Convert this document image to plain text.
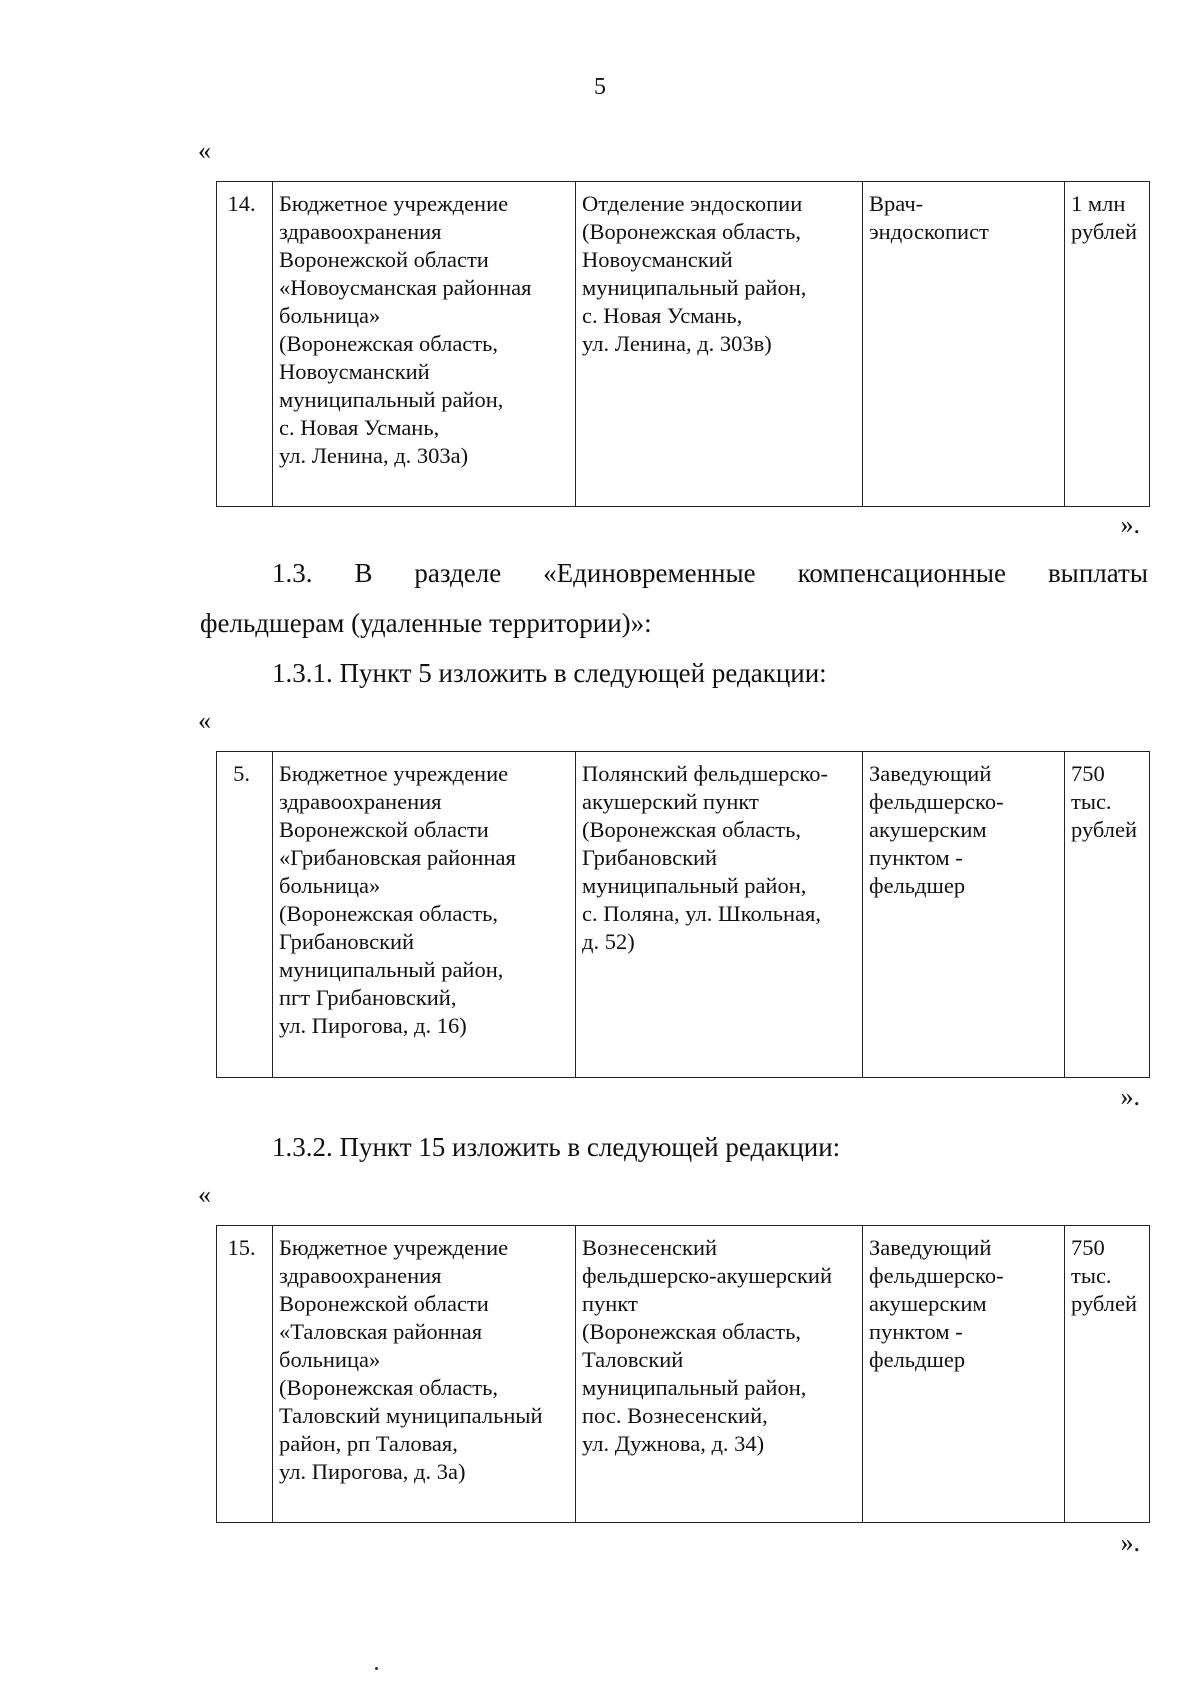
5
«
14.	Бюджетное учреждение
здравоохранения
Воронежской области
«Новоусманская районная
больница»
(Воронежская область,
Новоусманский
муниципальный район,
с. Новая Усмань,
ул. Ленина, д. 303а)	Отделение эндоскопии
(Воронежская область,
Новоусманский
муниципальный район,
с. Новая Усмань,
ул. Ленина, д. 303в)	Врач-
эндоскопист	1 млн
рублей
».
1.3. В разделе «Единовременные компенсационные выплаты
фельдшерам (удаленные территории)»:
1.3.1. Пункт 5 изложить в следующей редакции:
«
5.	Бюджетное учреждение
здравоохранения
Воронежской области
«Грибановская районная
больница»
(Воронежская область,
Грибановский
муниципальный район,
пгт Грибановский,
ул. Пирогова, д. 16)	Полянский фельдшерско-
акушерский пункт
(Воронежская область,
Грибановский
муниципальный район,
с. Поляна, ул. Школьная,
д. 52)	Заведующий
фельдшерско-
акушерским
пунктом -
фельдшер	750
тыс.
рублей
».
1.3.2. Пункт 15 изложить в следующей редакции:
«
15.	Бюджетное учреждение
здравоохранения
Воронежской области
«Таловская районная
больница»
(Воронежская область,
Таловский муниципальный
район, рп Таловая,
ул. Пирогова, д. 3а)	Вознесенский
фельдшерско-акушерский
пункт
(Воронежская область,
Таловский
муниципальный район,
пос. Вознесенский,
ул. Дужнова, д. 34)	Заведующий
фельдшерско-
акушерским
пунктом -
фельдшер	750
тыс.
рублей
».
